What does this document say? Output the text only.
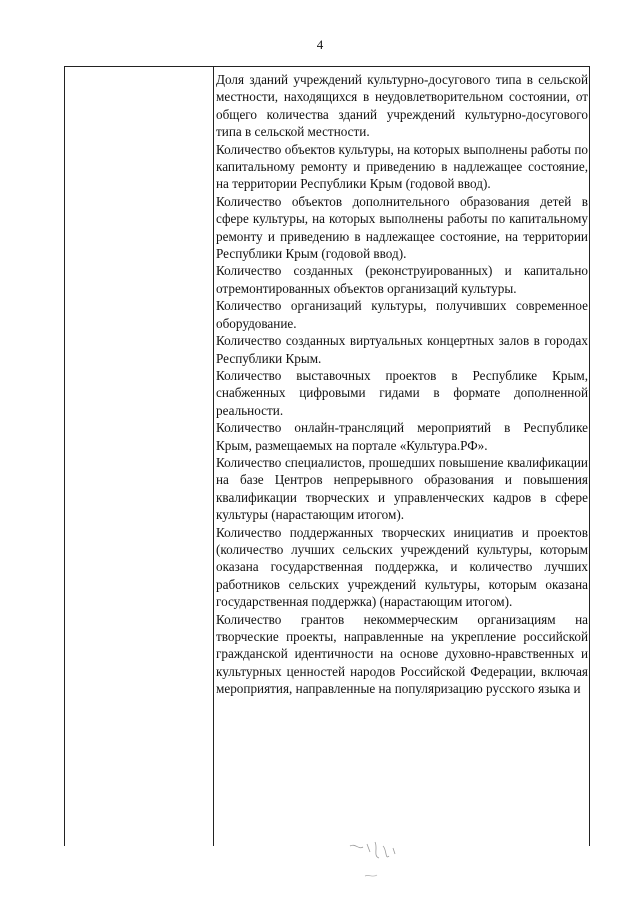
4

Доля зданий учреждений культурно-досугового типа в сельской местности, находящихся в неудовлетворительном состоянии, от общего количества зданий учреждений культурно-досугового типа в сельской местности.

Количество объектов культуры, на которых выполнены работы по капитальному ремонту и приведению в надлежащее состояние, на территории Республики Крым (годовой ввод).

Количество объектов дополнительного образования детей в сфере культуры, на которых выполнены работы по капитальному ремонту и приведению в надлежащее состояние, на территории Республики Крым (годовой ввод).

Количество созданных (реконструированных) и капитально отремонтированных объектов организаций культуры.

Количество организаций культуры, получивших современное оборудование.

Количество созданных виртуальных концертных залов в городах Республики Крым.

Количество выставочных проектов в Республике Крым, снабженных цифровыми гидами в формате дополненной реальности.

Количество онлайн-трансляций мероприятий в Республике Крым, размещаемых на портале «Культура.РФ».

Количество специалистов, прошедших повышение квалификации на базе Центров непрерывного образования и повышения квалификации творческих и управленческих кадров в сфере культуры (нарастающим итогом).

Количество поддержанных творческих инициатив и проектов (количество лучших сельских учреждений культуры, которым оказана государственная поддержка, и количество лучших работников сельских учреждений культуры, которым оказана государственная поддержка) (нарастающим итогом).

Количество грантов некоммерческим организациям на творческие проекты, направленные на укрепление российской гражданской идентичности на основе духовно-нравственных и культурных ценностей народов Российской Федерации, включая мероприятия, направленные на популяризацию русского языка и
